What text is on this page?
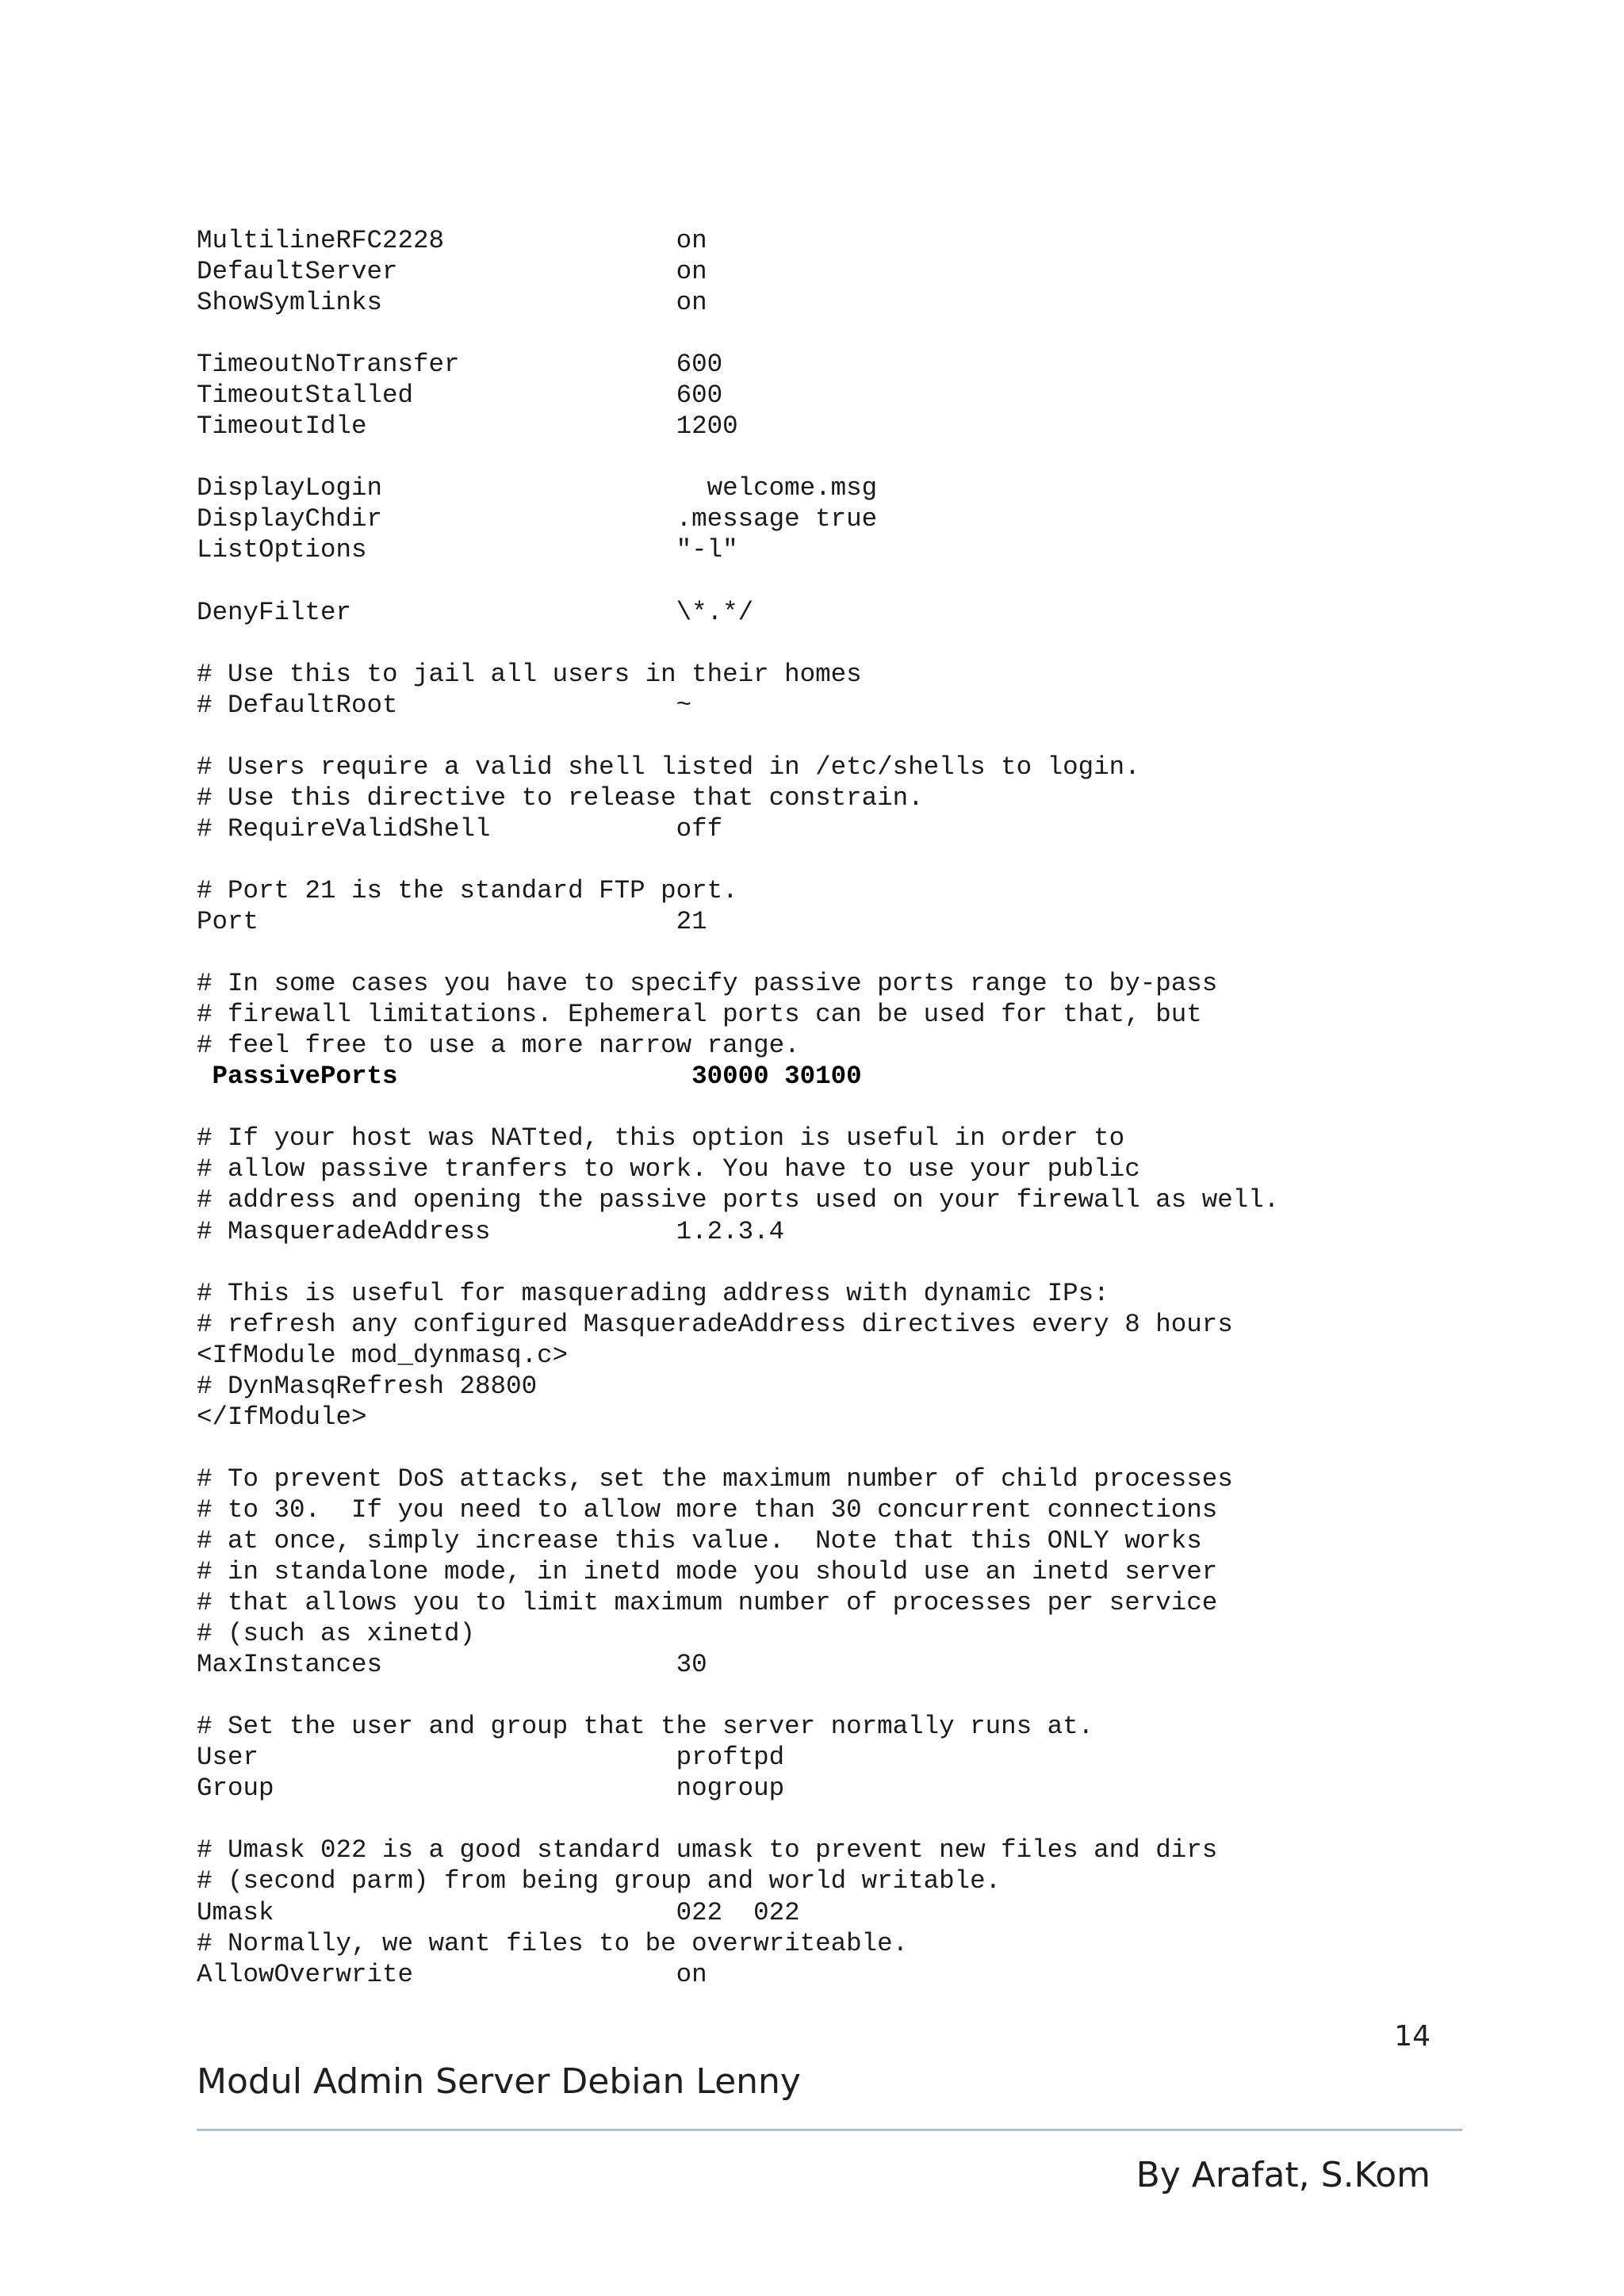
MultilineRFC2228               on
DefaultServer                  on
ShowSymlinks                   on
TimeoutNoTransfer              600
TimeoutStalled                 600
TimeoutIdle                    1200
DisplayLogin                     welcome.msg
DisplayChdir                   .message true
ListOptions                    "-l"
DenyFilter                     \*.*/
# Use this to jail all users in their homes
# DefaultRoot                  ~
# Users require a valid shell listed in /etc/shells to login.
# Use this directive to release that constrain.
# RequireValidShell            off
# Port 21 is the standard FTP port.
Port                           21
# In some cases you have to specify passive ports range to by-pass
# firewall limitations. Ephemeral ports can be used for that, but
# feel free to use a more narrow range.
PassivePorts                   30000 30100
# If your host was NATted, this option is useful in order to
# allow passive tranfers to work. You have to use your public
# address and opening the passive ports used on your firewall as well.
# MasqueradeAddress            1.2.3.4
# This is useful for masquerading address with dynamic IPs:
# refresh any configured MasqueradeAddress directives every 8 hours
<IfModule mod_dynmasq.c>
# DynMasqRefresh 28800
</IfModule>
# To prevent DoS attacks, set the maximum number of child processes
# to 30.  If you need to allow more than 30 concurrent connections
# at once, simply increase this value.  Note that this ONLY works
# in standalone mode, in inetd mode you should use an inetd server
# that allows you to limit maximum number of processes per service
# (such as xinetd)
MaxInstances                   30
# Set the user and group that the server normally runs at.
User                           proftpd
Group                          nogroup
# Umask 022 is a good standard umask to prevent new files and dirs
# (second parm) from being group and world writable.
Umask                          022  022
# Normally, we want files to be overwriteable.
AllowOverwrite                 on
14
Modul Admin Server Debian Lenny
By Arafat, S.Kom
